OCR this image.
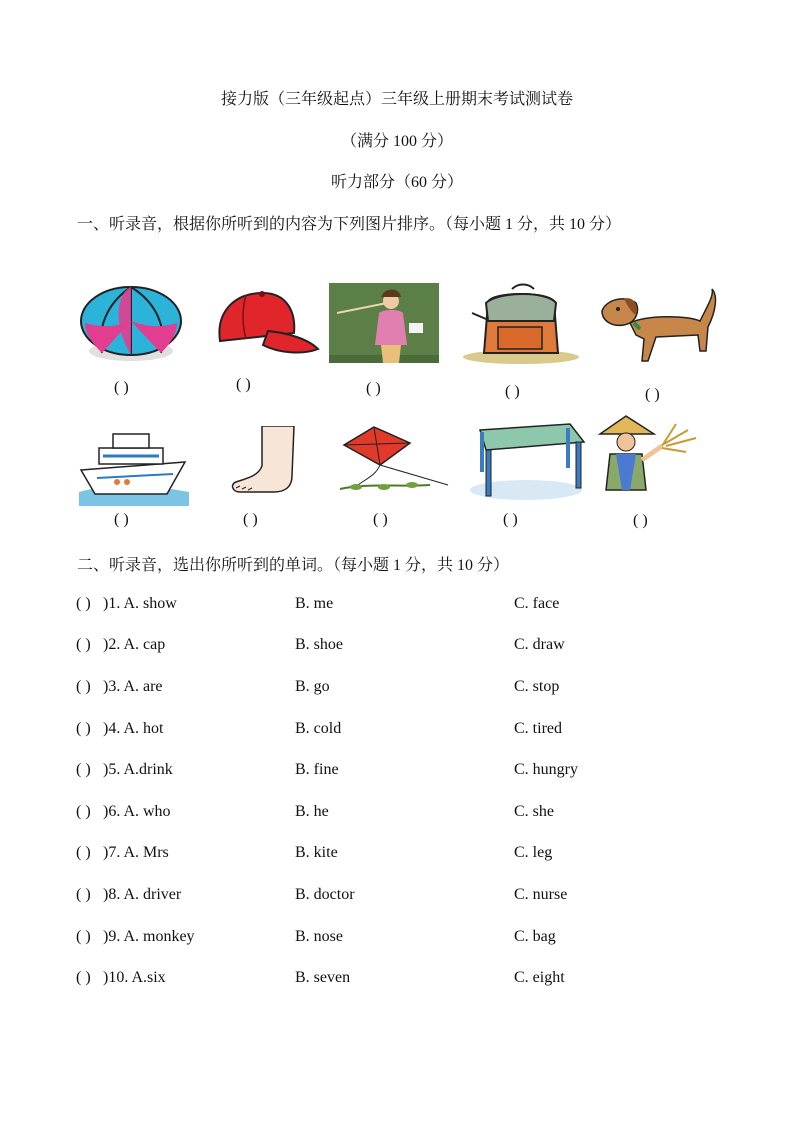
接力版（三年级起点）三年级上册期末考试测试卷
（满分 100 分）
听力部分（60 分）
一、听录音，根据你所听到的内容为下列图片排序。（每小题 1 分，共 10 分）
( )	( )	( )	( )	( )
( )	( )	( )	( )	( )
二、听录音，选出你所听到的单词。（每小题 1 分，共 10 分）
( ) )1. A. show	B. me	C. face
( ) )2. A. cap	B. shoe	C. draw
( ) )3. A. are	B. go	C. stop
( ) )4. A. hot	B. cold	C. tired
( ) )5. A.drink	B. fine	C. hungry
( ) )6. A. who	B. he	C. she
( ) )7. A. Mrs	B. kite	C. leg
( ) )8. A. driver	B. doctor	C. nurse
( ) )9. A. monkey	B. nose	C. bag
( ) )10. A.six	B. seven	C. eight
